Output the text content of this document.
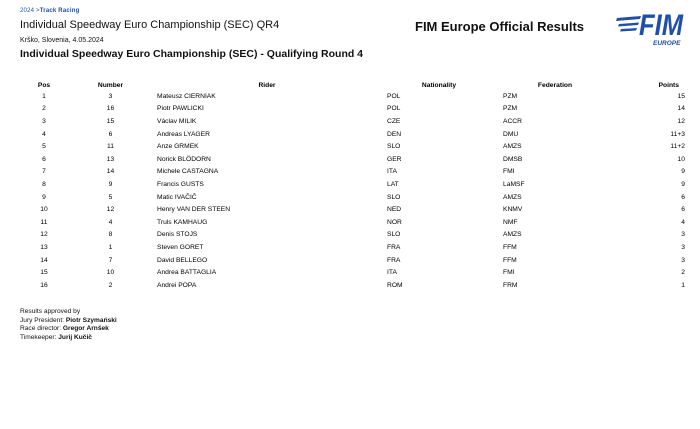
2024 >Track Racing
Individual Speedway Euro Championship (SEC) QR4
Krško, Slovenia, 4.05.2024
Individual Speedway Euro Championship (SEC) - Qualifying Round 4
FIM Europe Official Results FIM
EUROPE
Pos	Number	Rider	Nationality	Federation	Points
1	3	Mateusz CIERNIAK	POL	PZM	15
2	16	Piotr PAWLICKI	POL	PZM	14
3	15	Václav MILIK	CZE	ACCR	12
4	6	Andreas LYAGER	DEN	DMU	11+3
5	11	Anze GRMEK	SLO	AMZS	11+2
6	13	Norick BLÖDORN	GER	DMSB	10
7	14	Michele CASTAGNA	ITA	FMI	9
8	9	Francis GUSTS	LAT	LaMSF	9
9	5	Matic IVAČIČ	SLO	AMZS	6
10	12	Henry VAN DER STEEN	NED	KNMV	6
11	4	Truls KAMHAUG	NOR	NMF	4
12	8	Denis STOJS	SLO	AMZS	3
13	1	Steven GORET	FRA	FFM	3
14	7	David BELLEGO	FRA	FFM	3
15	10	Andrea BATTAGLIA	ITA	FMI	2
16	2	Andrei POPA	ROM	FRM	1
Results approved by
Jury President: Piotr Szymański
Race director: Gregor Arnšek
Timekeeper: Jurij Kučič
